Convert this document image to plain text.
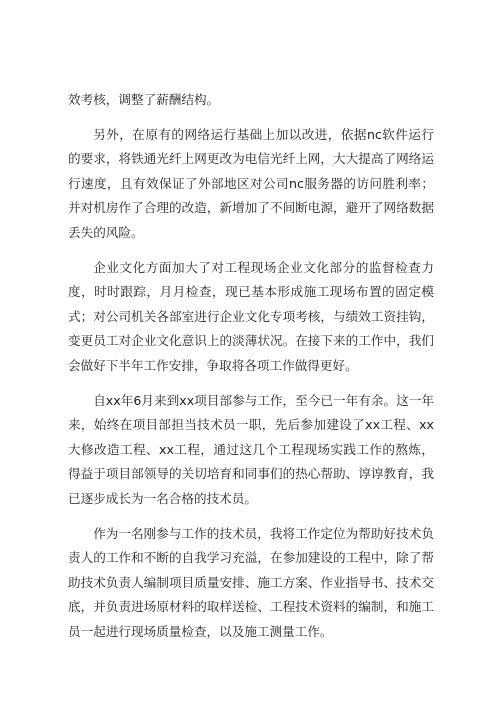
效考核，调整了薪酬结构。

另外，在原有的网络运行基础上加以改进，依据nc软件运行的要求，将铁通光纤上网更改为电信光纤上网，大大提高了网络运行速度，且有效保证了外部地区对公司nc服务器的访问胜利率；并对机房作了合理的改造，新增加了不间断电源，避开了网络数据丢失的风险。

企业文化方面加大了对工程现场企业文化部分的监督检查力度，时时跟踪，月月检查，现已基本形成施工现场布置的固定模式；对公司机关各部室进行企业文化专项考核，与绩效工资挂钩，变更员工对企业文化意识上的淡薄状况。在接下来的工作中，我们会做好下半年工作安排，争取将各项工作做得更好。

自xx年6月来到xx项目部参与工作，至今已一年有余。这一年来，始终在项目部担当技术员一职，先后参加建设了xx工程、xx大修改造工程、xx工程，通过这几个工程现场实践工作的熬炼，得益于项目部领导的关切培育和同事们的热心帮助、谆谆教育，我已逐步成长为一名合格的技术员。

作为一名刚参与工作的技术员，我将工作定位为帮助好技术负责人的工作和不断的自我学习充溢，在参加建设的工程中，除了帮助技术负责人编制项目质量安排、施工方案、作业指导书、技术交底，并负责进场原材料的取样送检、工程技术资料的编制，和施工员一起进行现场质量检查，以及施工测量工作。
